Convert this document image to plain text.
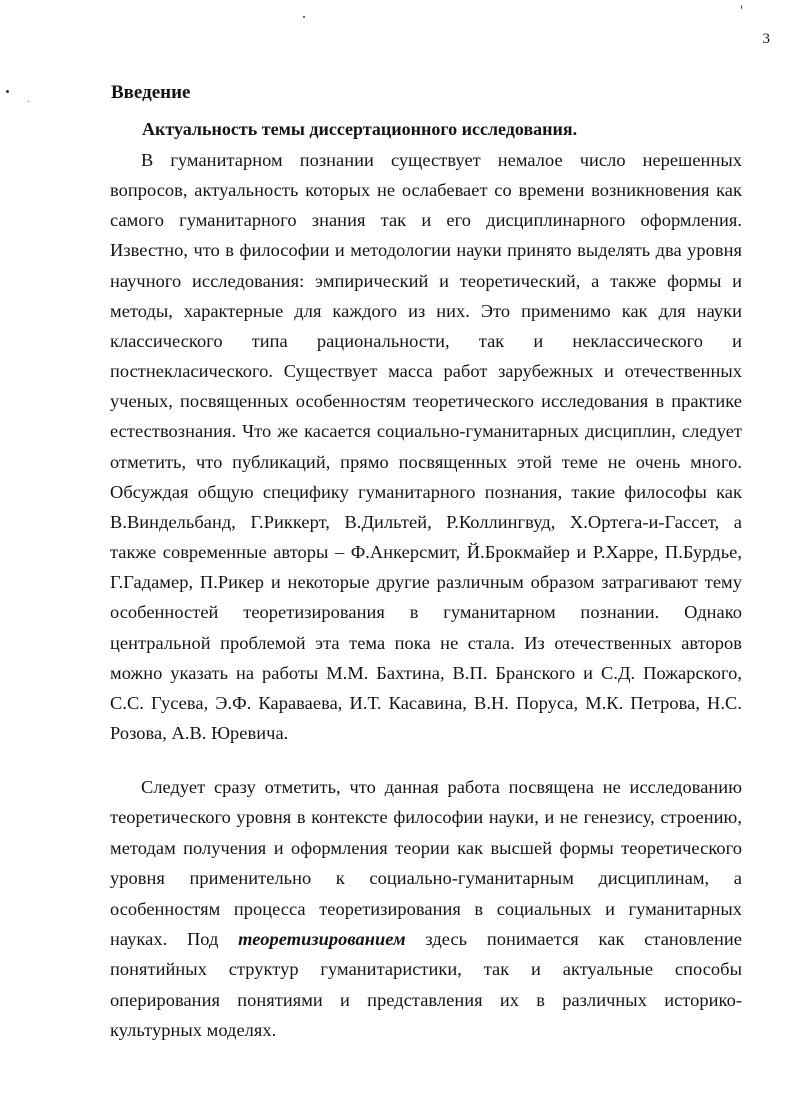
3
Введение
Актуальность темы диссертационного исследования.

В гуманитарном познании существует немалое число нерешенных вопросов, актуальность которых не ослабевает со времени возникновения как самого гуманитарного знания так и его дисциплинарного оформления. Известно, что в философии и методологии науки принято выделять два уровня научного исследования: эмпирический и теоретический, а также формы и методы, характерные для каждого из них. Это применимо как для науки классического типа рациональности, так и неклассического и постнекласического. Существует масса работ зарубежных и отечественных ученых, посвященных особенностям теоретического исследования в практике естествознания. Что же касается социально-гуманитарных дисциплин, следует отметить, что публикаций, прямо посвященных этой теме не очень много. Обсуждая общую специфику гуманитарного познания, такие философы как В.Виндельбанд, Г.Риккерт, В.Дильтей, Р.Коллингвуд, Х.Ортега-и-Гассет, а также современные авторы – Ф.Анкерсмит, Й.Брокмайер и Р.Харре, П.Бурдье, Г.Гадамер, П.Рикер и некоторые другие различным образом затрагивают тему особенностей теоретизирования в гуманитарном познании. Однако центральной проблемой эта тема пока не стала. Из отечественных авторов можно указать на работы М.М. Бахтина, В.П. Бранского и С.Д. Пожарского, С.С. Гусева, Э.Ф. Караваева, И.Т. Касавина, В.Н. Поруса, М.К. Петрова, Н.С. Розова, А.В. Юревича.

Следует сразу отметить, что данная работа посвящена не исследованию теоретического уровня в контексте философии науки, и не генезису, строению, методам получения и оформления теории как высшей формы теоретического уровня применительно к социально-гуманитарным дисциплинам, а особенностям процесса теоретизирования в социальных и гуманитарных науках. Под теоретизированием здесь понимается как становление понятийных структур гуманитаристики, так и актуальные способы оперирования понятиями и представления их в различных историко-культурных моделях.
